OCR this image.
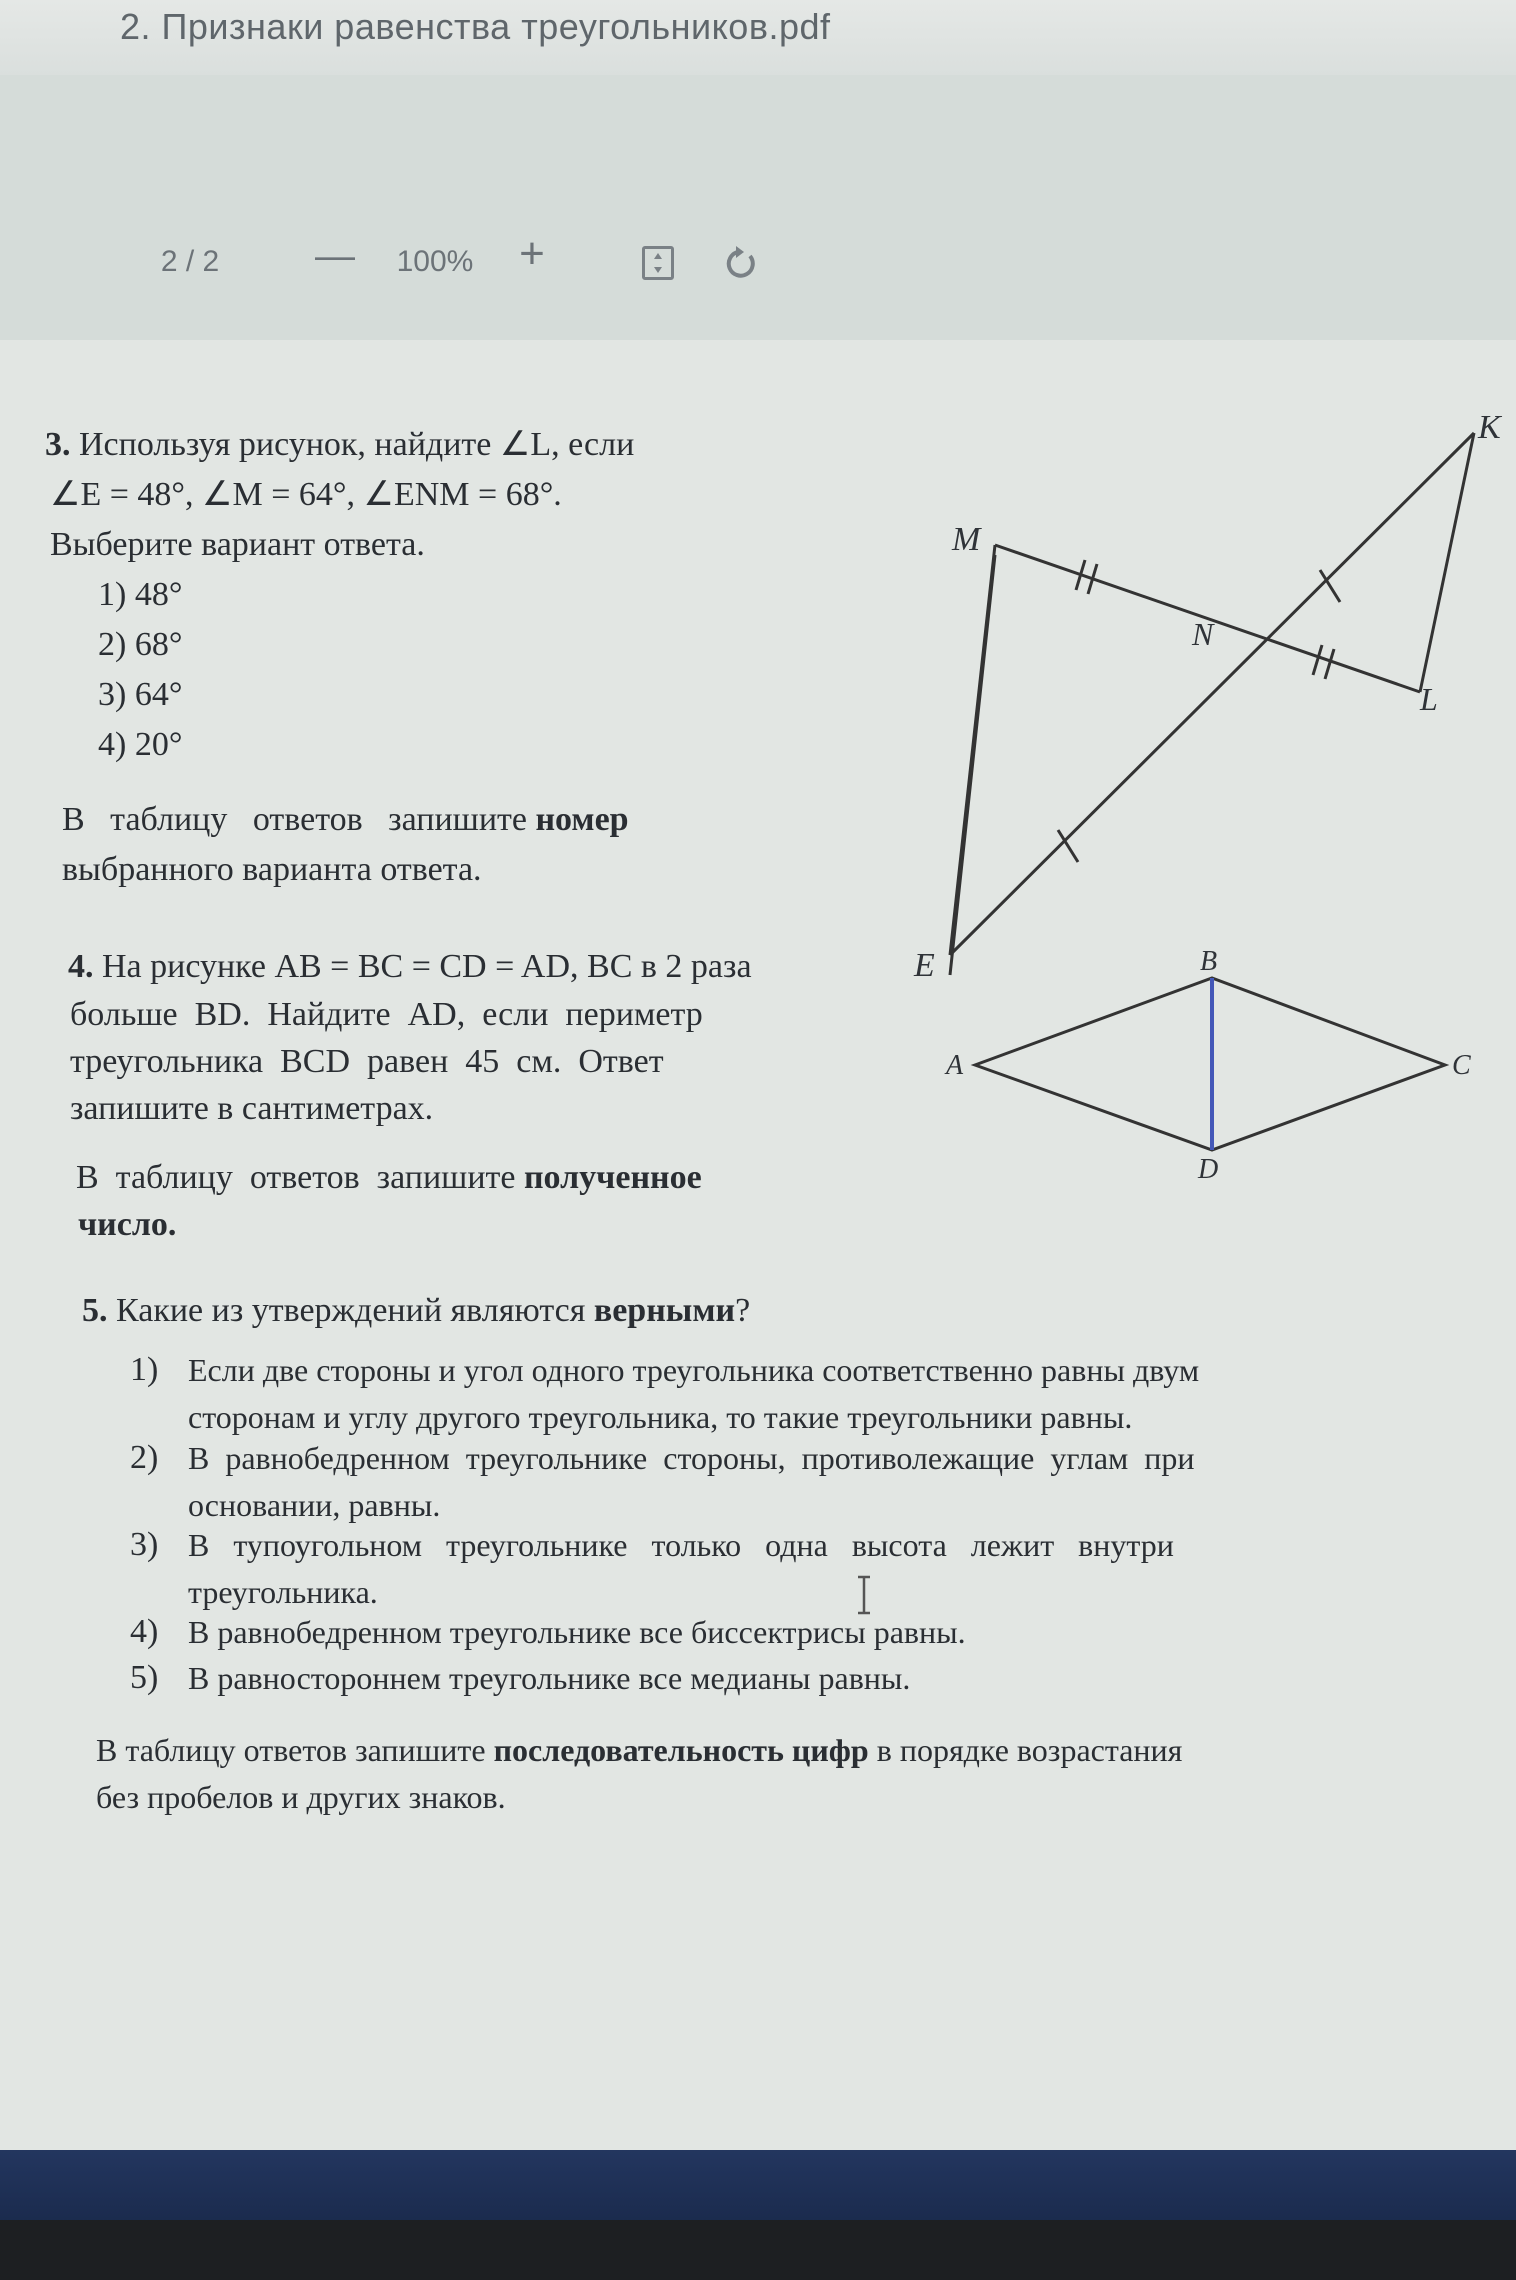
2. Признаки равенства треугольников.pdf
2 / 2	— 100% +
3. Используя рисунок, найдите ∠L, если
∠E = 48°, ∠M = 64°, ∠ENM = 68°.
Выберите вариант ответа.
1) 48°
2) 68°
3) 64°
4) 20°
В   таблицу   ответов   запишите номер
выбранного варианта ответа.
K
M
N
L
E
4. На рисунке AB = BC = CD = AD, BC в 2 раза
больше  BD.  Найдите  AD,  если  периметр
треугольника  BCD  равен  45  см.  Ответ
запишите в сантиметрах.
В  таблицу  ответов  запишите полученное
число.
B
A	C
D
5. Какие из утверждений являются верными?
1) Если две стороны и угол одного треугольника соответственно равны двум
сторонам и углу другого треугольника, то такие треугольники равны.
2) В  равнобедренном  треугольнике  стороны,  противолежащие  углам  при
основании, равны.
3) В   тупоугольном   треугольнике   только   одна   высота   лежит   внутри
треугольника.
4) В равнобедренном треугольнике все биссектрисы равны.
5) В равностороннем треугольнике все медианы равны.
В таблицу ответов запишите последовательность цифр в порядке возрастания
без пробелов и других знаков.
